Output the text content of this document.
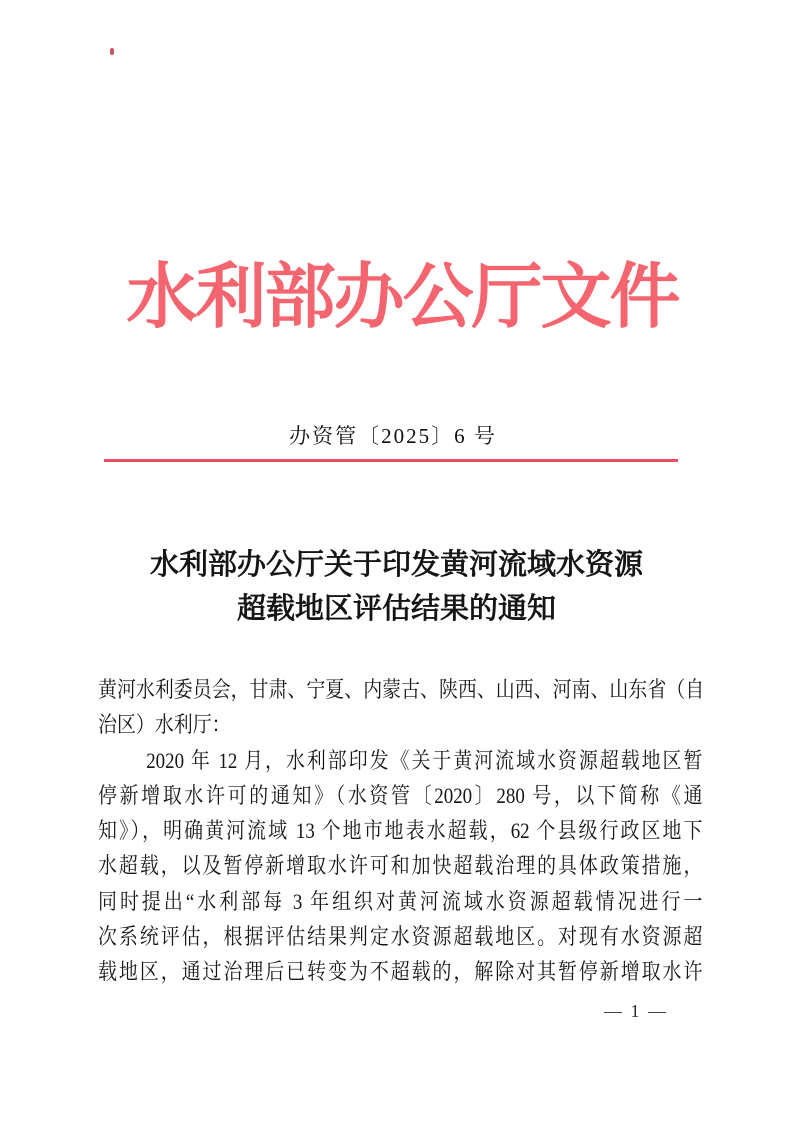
水利部办公厅文件
办资管〔2025〕6 号
水利部办公厅关于印发黄河流域水资源
超载地区评估结果的通知
黄河水利委员会，甘肃、宁夏、内蒙古、陕西、山西、河南、山东省（自
治区）水利厅：
2020 年 12 月，水利部印发《关于黄河流域水资源超载地区暂
停新增取水许可的通知》（水资管〔2020〕280 号，以下简称《通
知》），明确黄河流域 13 个地市地表水超载，62 个县级行政区地下
水超载，以及暂停新增取水许可和加快超载治理的具体政策措施，
同时提出“水利部每 3 年组织对黄河流域水资源超载情况进行一
次系统评估，根据评估结果判定水资源超载地区。对现有水资源超
载地区，通过治理后已转变为不超载的，解除对其暂停新增取水许
— 1 —
